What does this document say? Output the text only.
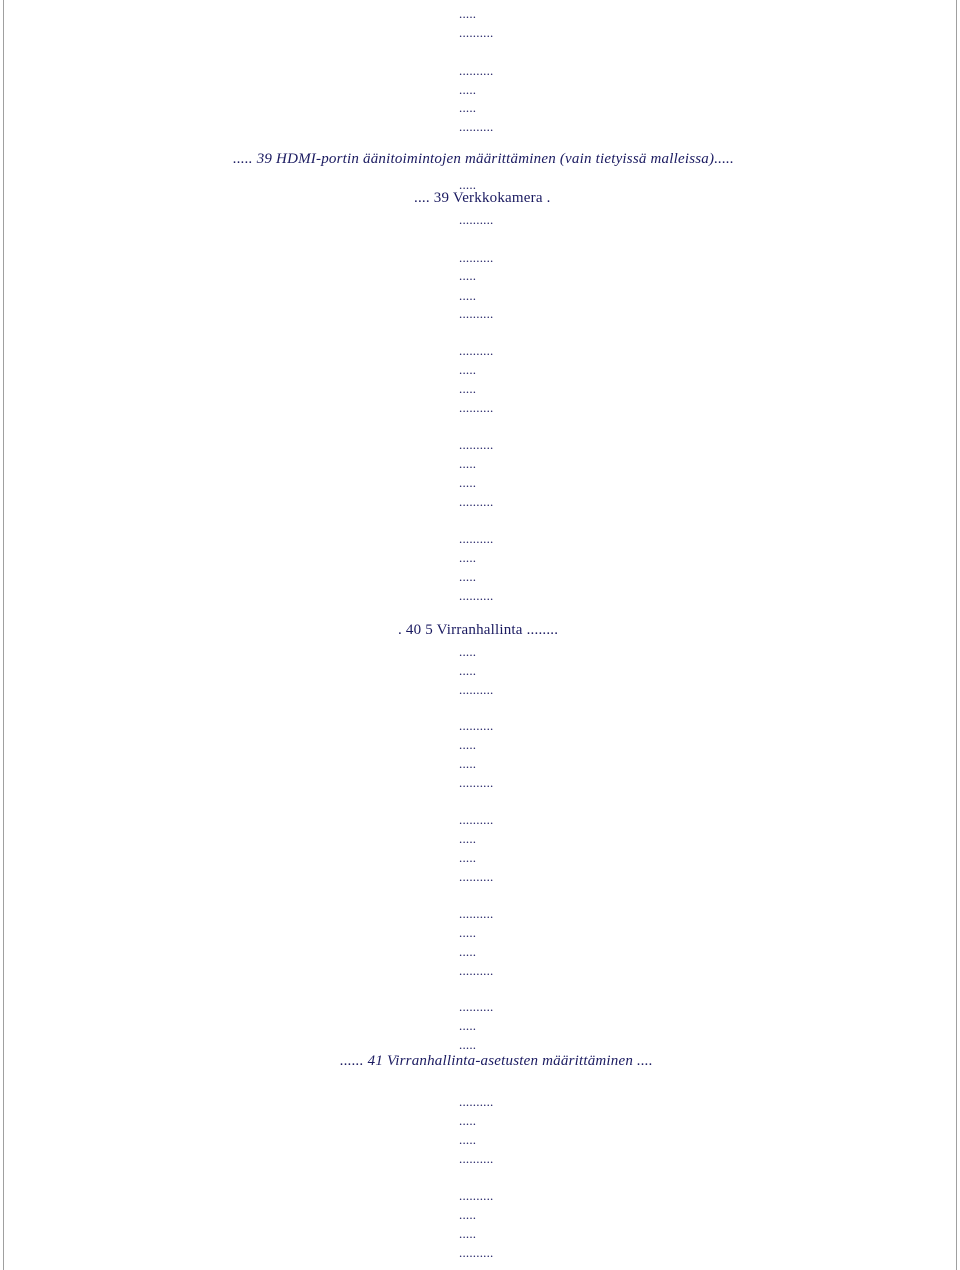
.....
..........
..........
.....
.....
..........
..... 39 HDMI-portin äänitoimintojen määrittäminen (vain tietyissä malleissa).....
.....
.... 39 Verkkokamera .
..........
..........
.....
.....
..........
..........
.....
.....
..........
..........
.....
.....
..........
..........
.....
.....
..........
. 40 5 Virranhallinta ........
.....
.....
..........
..........
.....
.....
..........
..........
.....
.....
..........
..........
.....
.....
..........
..........
.....
.....
...... 41 Virranhallinta-asetusten määrittäminen ....
..........
.....
.....
..........
..........
.....
.....
..........
